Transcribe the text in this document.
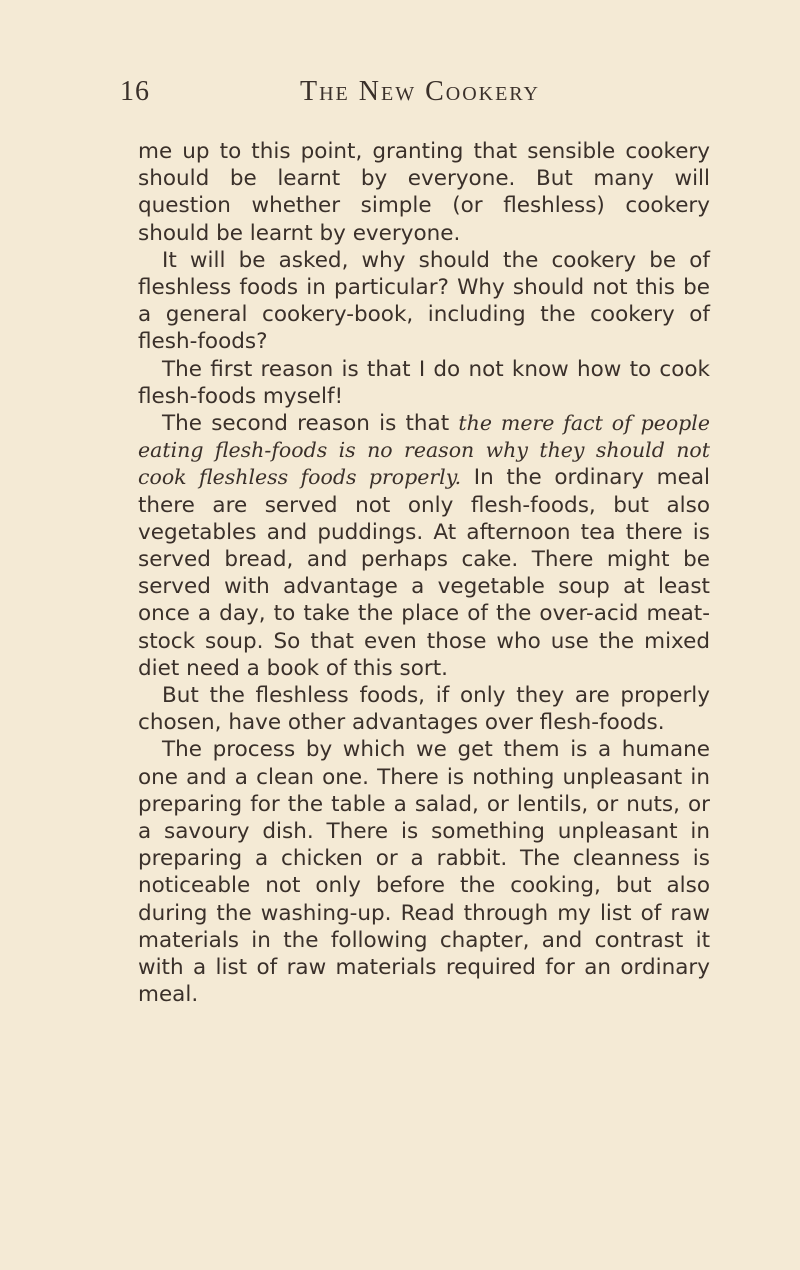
16	The New Cookery

me up to this point, granting that sensible cookery should be learnt by everyone. But many will question whether simple (or fleshless) cookery should be learnt by everyone.

It will be asked, why should the cookery be of fleshless foods in particular? Why should not this be a general cookery-book, including the cookery of flesh-foods?

The first reason is that I do not know how to cook flesh-foods myself!

The second reason is that the mere fact of people eating flesh-foods is no reason why they should not cook fleshless foods properly. In the ordinary meal there are served not only flesh-foods, but also vegetables and puddings. At afternoon tea there is served bread, and perhaps cake. There might be served with advantage a vegetable soup at least once a day, to take the place of the over-acid meat-stock soup. So that even those who use the mixed diet need a book of this sort.

But the fleshless foods, if only they are properly chosen, have other advantages over flesh-foods.

The process by which we get them is a humane one and a clean one. There is nothing unpleasant in preparing for the table a salad, or lentils, or nuts, or a savoury dish. There is something unpleasant in preparing a chicken or a rabbit. The cleanness is noticeable not only before the cooking, but also during the washing-up. Read through my list of raw materials in the following chapter, and contrast it with a list of raw materials required for an ordinary meal.
